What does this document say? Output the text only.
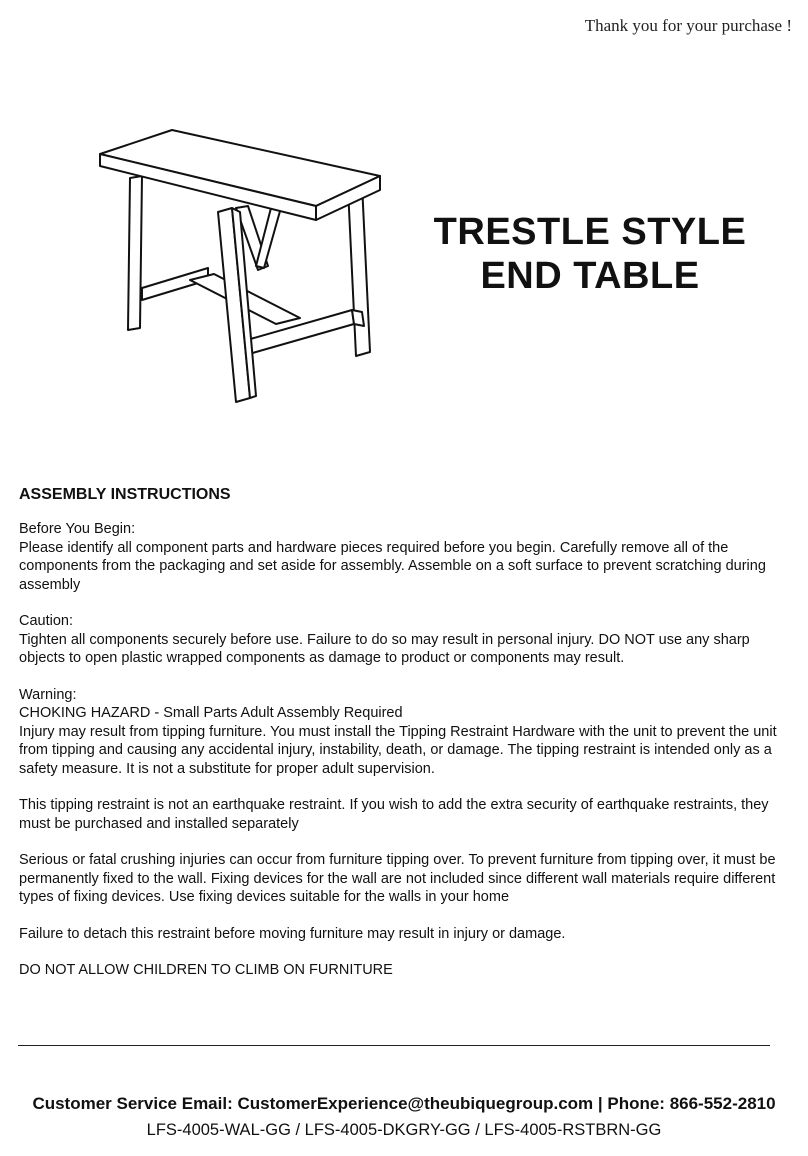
Thank you for your purchase !
TRESTLE STYLE
END TABLE
ASSEMBLY INSTRUCTIONS
Before You Begin:
Please identify all component parts and hardware pieces required before you begin. Carefully remove all of the components from the packaging and set aside for assembly. Assemble on a soft surface to prevent scratching during assembly
Caution:
Tighten all components securely before use. Failure to do so may result in personal injury. DO NOT use any sharp objects to open plastic wrapped components as damage to product or components may result.
Warning:
CHOKING HAZARD - Small Parts Adult Assembly Required
Injury may result from tipping furniture. You must install the Tipping Restraint Hardware with the unit to prevent the unit from tipping and causing any accidental injury, instability, death, or damage. The tipping restraint is intended only as a safety measure. It is not a substitute for proper adult supervision.
This tipping restraint is not an earthquake restraint. If you wish to add the extra security of earthquake restraints, they must be purchased and installed separately
Serious or fatal crushing injuries can occur from furniture tipping over. To prevent furniture from tipping over, it must be permanently fixed to the wall. Fixing devices for the wall are not included since different wall materials require different types of fixing devices. Use fixing devices suitable for the walls in your home
Failure to detach this restraint before moving furniture may result in injury or damage.
DO NOT ALLOW CHILDREN TO CLIMB ON FURNITURE
Customer Service Email: CustomerExperience@theubiquegroup.com | Phone: 866-552-2810
LFS-4005-WAL-GG / LFS-4005-DKGRY-GG / LFS-4005-RSTBRN-GG
